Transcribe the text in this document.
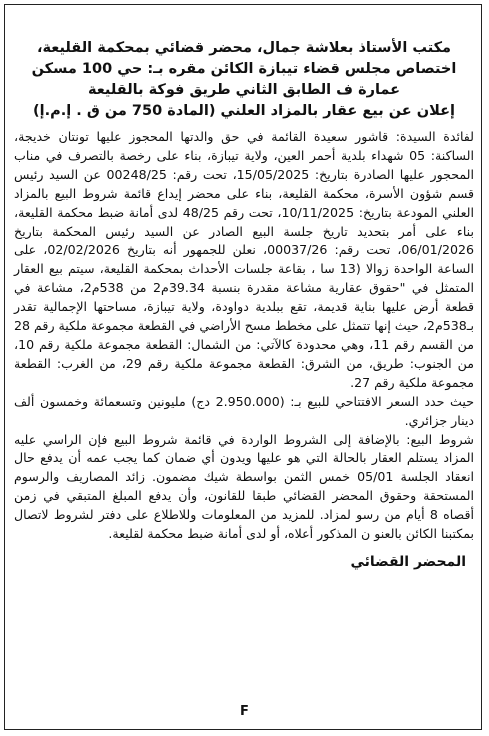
مكتب الأستاذ بعلاشة جمال، محضر قضائي بمحكمة القليعة،

اختصاص مجلس قضاء تيبازة الكائن مقره بـ: حي 100 مسكن

عمارة ف الطابق الثاني طريق فوكة بالقليعة

إعلان عن بيع عقار بالمزاد العلني (المادة 750 من ق . إ.م.إ)

لفائدة السيدة: قاشور سعيدة القائمة في حق والدتها المحجوز عليها تونتان خديجة، الساكنة: 05 شهداء بلدية أحمر العين، ولاية تيبازة، بناء على رخصة بالتصرف في مناب المحجور عليها الصادرة بتاريخ: 15/05/2025، تحت رقم: 00248/25 عن السيد رئيس قسم شؤون الأسرة، محكمة القليعة، بناء على محضر إيداع قائمة شروط البيع بالمزاد العلني المودعة بتاريخ: 10/11/2025، تحت رقم 48/25 لدى أمانة ضبط محكمة القليعة، بناء على أمر بتحديد تاريخ جلسة البيع الصادر عن السيد رئيس المحكمة بتاريخ 06/01/2026، تحت رقم: 00037/26، نعلن للجمهور أنه بتاريخ 02/02/2026، على الساعة الواحدة زوالا (13 سا ، بقاعة جلسات الأحداث بمحكمة القليعة، سيتم بيع العقار المتمثل في "حقوق عقارية مشاعة مقدرة بنسبة 39.34م2 من 538م2، مشاعة في قطعة أرض عليها بناية قديمة، تقع ببلدية دواودة، ولاية تيبازة، مساحتها الإجمالية تقدر بـ538م2، حيث إنها تتمثل على مخطط مسح الأراضي في القطعة مجموعة ملكية رقم 28 من القسم رقم 11، وهي محدودة كالآتي: من الشمال: القطعة مجموعة ملكية رقم 10، من الجنوب: طريق، من الشرق: القطعة مجموعة ملكية رقم 29، من الغرب: القطعة مجموعة ملكية رقم 27.

حيث حدد السعر الافتتاحي للبيع بـ: (2.950.000 دج) مليونين وتسعمائة وخمسون ألف دينار جزائري.

شروط البيع: بالإضافة إلى الشروط الواردة في قائمة شروط البيع فإن الراسي عليه المزاد يستلم العقار بالحالة التي هو عليها ويدون أي ضمان كما يجب عمه أن يدفع حال انعقاد الجلسة 05/01 خمس الثمن بواسطة شيك مضمون. زائد المصاريف والرسوم المستحقة وحقوق المحضر القضائي طبقا للقانون، وأن يدفع المبلغ المتبقي في زمن أقصاه 8 أيام من رسو لمزاد. للمزيد من المعلومات وللاطلاع على دفتر لشروط لاتصال بمكتبنا الكائن بالعنو ن المذكور أعلاه، أو لدى أمانة ضبط محكمة لقليعة.

المحضر القضائي
F
